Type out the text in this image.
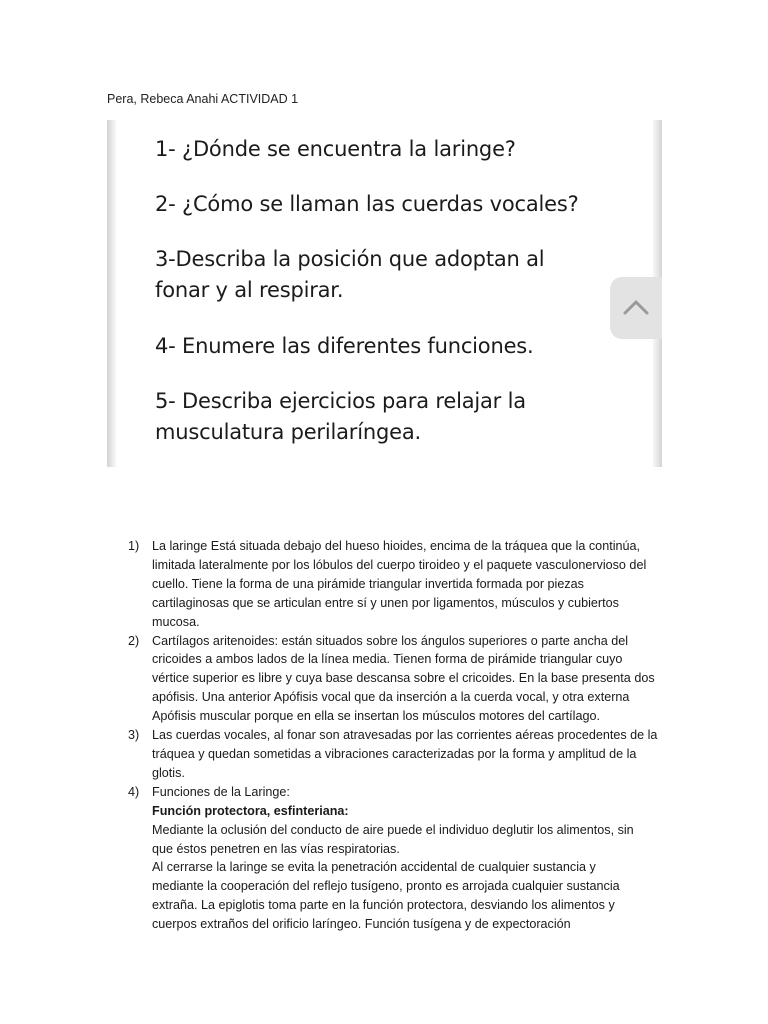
Pera, Rebeca Anahi ACTIVIDAD 1
1- ¿Dónde se encuentra la laringe?
2- ¿Cómo se llaman las cuerdas vocales?
3-Describa la posición que adoptan al
fonar y al respirar.
4- Enumere las diferentes funciones.
5- Describa ejercicios para relajar la
musculatura perilaríngea.
1) La laringe Está situada debajo del hueso hioides, encima de la tráquea que la continúa,
limitada lateralmente por los lóbulos del cuerpo tiroideo y el paquete vasculonervioso del
cuello. Tiene la forma de una pirámide triangular invertida formada por piezas
cartilaginosas que se articulan entre sí y unen por ligamentos, músculos y cubiertos
mucosa.
2) Cartílagos aritenoides: están situados sobre los ángulos superiores o parte ancha del
cricoides a ambos lados de la línea media. Tienen forma de pirámide triangular cuyo
vértice superior es libre y cuya base descansa sobre el cricoides. En la base presenta dos
apófisis. Una anterior Apófisis vocal que da inserción a la cuerda vocal, y otra externa
Apófisis muscular porque en ella se insertan los músculos motores del cartílago.
3) Las cuerdas vocales, al fonar son atravesadas por las corrientes aéreas procedentes de la
tráquea y quedan sometidas a vibraciones caracterizadas por la forma y amplitud de la
glotis.
4) Funciones de la Laringe:
Función protectora, esfinteriana:
Mediante la oclusión del conducto de aire puede el individuo deglutir los alimentos, sin
que éstos penetren en las vías respiratorias.
Al cerrarse la laringe se evita la penetración accidental de cualquier sustancia y
mediante la cooperación del reflejo tusígeno, pronto es arrojada cualquier sustancia
extraña. La epiglotis toma parte en la función protectora, desviando los alimentos y
cuerpos extraños del orificio laríngeo. Función tusígena y de expectoración
